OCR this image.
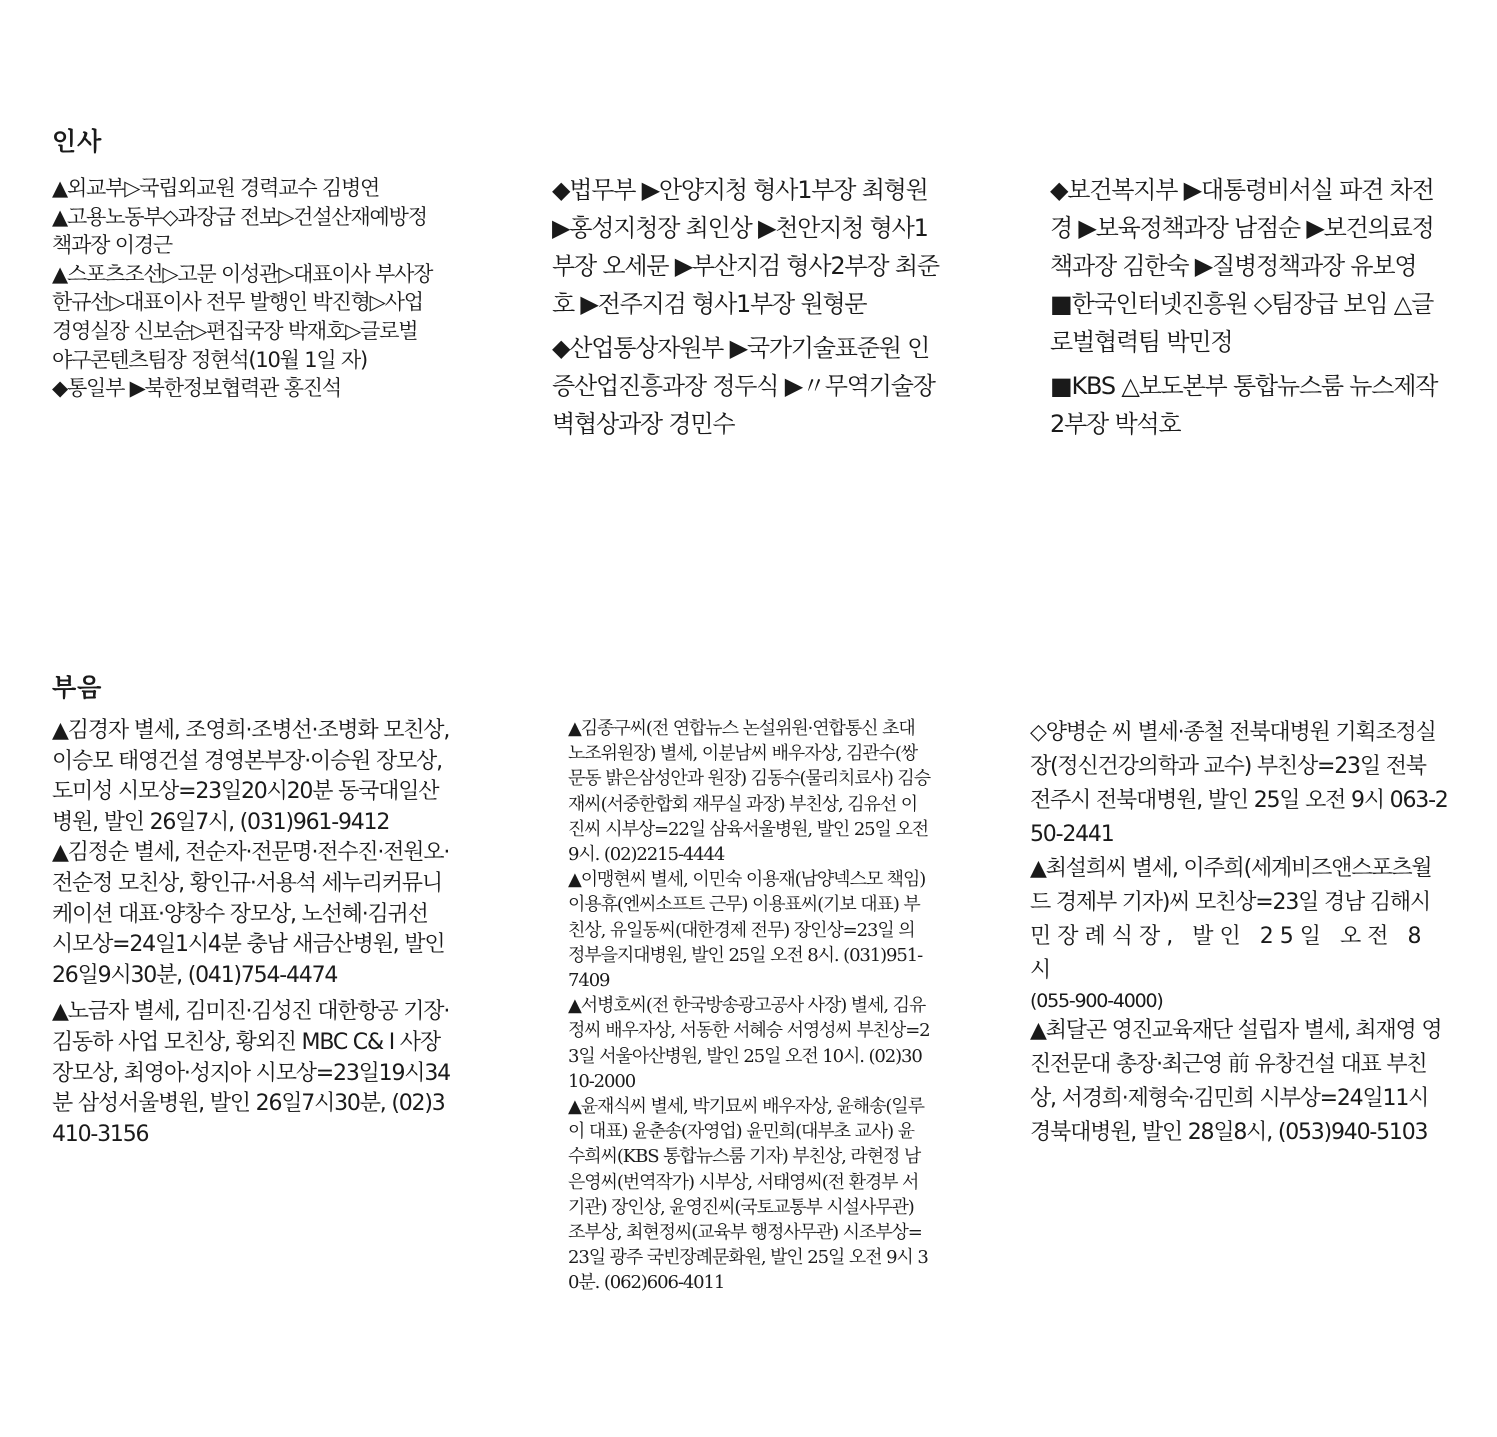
인사

▲외교부▷국립외교원 경력교수 김병연

▲고용노동부◇과장급 전보▷건설산재예방정책과장 이경근

▲스포츠조선▷고문 이성관▷대표이사 부사장 한규선▷대표이사 전무 발행인 박진형▷사업경영실장 신보순▷편집국장 박재호▷글로벌야구콘텐츠팀장 정현석(10월 1일 자)

◆통일부 ▶북한정보협력관 홍진석

◆법무부 ▶안양지청 형사1부장 최형원 ▶홍성지청장 최인상 ▶천안지청 형사1부장 오세문 ▶부산지검 형사2부장 최준호 ▶전주지검 형사1부장 원형문

◆산업통상자원부 ▶국가기술표준원 인증산업진흥과장 정두식 ▶〃무역기술장벽협상과장 경민수

◆보건복지부 ▶대통령비서실 파견 차전경 ▶보육정책과장 남점순 ▶보건의료정책과장 김한숙 ▶질병정책과장 유보영

■한국인터넷진흥원 ◇팀장급 보임 △글로벌협력팀 박민정

■KBS △보도본부 통합뉴스룸 뉴스제작2부장 박석호

부음

▲김경자 별세, 조영희·조병선·조병화 모친상, 이승모 태영건설 경영본부장·이승원 장모상, 도미성 시모상=23일20시20분 동국대일산병원, 발인 26일7시, (031)961-9412

▲김정순 별세, 전순자·전문명·전수진·전원오·전순정 모친상, 황인규·서용석 세누리커뮤니케이션 대표·양창수 장모상, 노선혜·김귀선 시모상=24일1시4분 충남 새금산병원, 발인 26일9시30분, (041)754-4474

▲노금자 별세, 김미진·김성진 대한항공 기장·김동하 사업 모친상, 황외진 MBC C& I 사장 장모상, 최영아·성지아 시모상=23일19시34분 삼성서울병원, 발인 26일7시30분, (02)3410-3156

▲김종구씨(전 연합뉴스 논설위원·연합통신 초대 노조위원장) 별세, 이분남씨 배우자상, 김관수(쌍문동 밝은삼성안과 원장) 김동수(물리치료사) 김승재씨(서중한합회 재무실 과장) 부친상, 김유선 이진씨 시부상=22일 삼육서울병원, 발인 25일 오전 9시. (02)2215-4444

▲이맹현씨 별세, 이민숙 이용재(남양넥스모 책임) 이용휴(엔씨소프트 근무) 이용표씨(기보 대표) 부친상, 유일동씨(대한경제 전무) 장인상=23일 의정부을지대병원, 발인 25일 오전 8시. (031)951-7409

▲서병호씨(전 한국방송광고공사 사장) 별세, 김유정씨 배우자상, 서동한 서혜승 서영성씨 부친상=23일 서울아산병원, 발인 25일 오전 10시. (02)3010-2000

▲윤재식씨 별세, 박기묘씨 배우자상, 윤해송(일루이 대표) 윤춘송(자영업) 윤민희(대부초 교사) 윤수희씨(KBS 통합뉴스룸 기자) 부친상, 라현정 남은영씨(번역작가) 시부상, 서태영씨(전 환경부 서기관) 장인상, 윤영진씨(국토교통부 시설사무관) 조부상, 최현정씨(교육부 행정사무관) 시조부상=23일 광주 국빈장례문화원, 발인 25일 오전 9시 30분. (062)606-4011

◇양병순 씨 별세·종철 전북대병원 기획조정실장(정신건강의학과 교수) 부친상=23일 전북 전주시 전북대병원, 발인 25일 오전 9시 063-250-2441

▲최설희씨 별세, 이주희(세계비즈앤스포츠월드 경제부 기자)씨 모친상=23일 경남 김해시

민장례식장, 발인 25일 오전 8시

(055-900-4000)

▲최달곤 영진교육재단 설립자 별세, 최재영 영진전문대 총장·최근영 前 유창건설 대표 부친상, 서경희·제형숙·김민희 시부상=24일11시 경북대병원, 발인 28일8시, (053)940-5103
